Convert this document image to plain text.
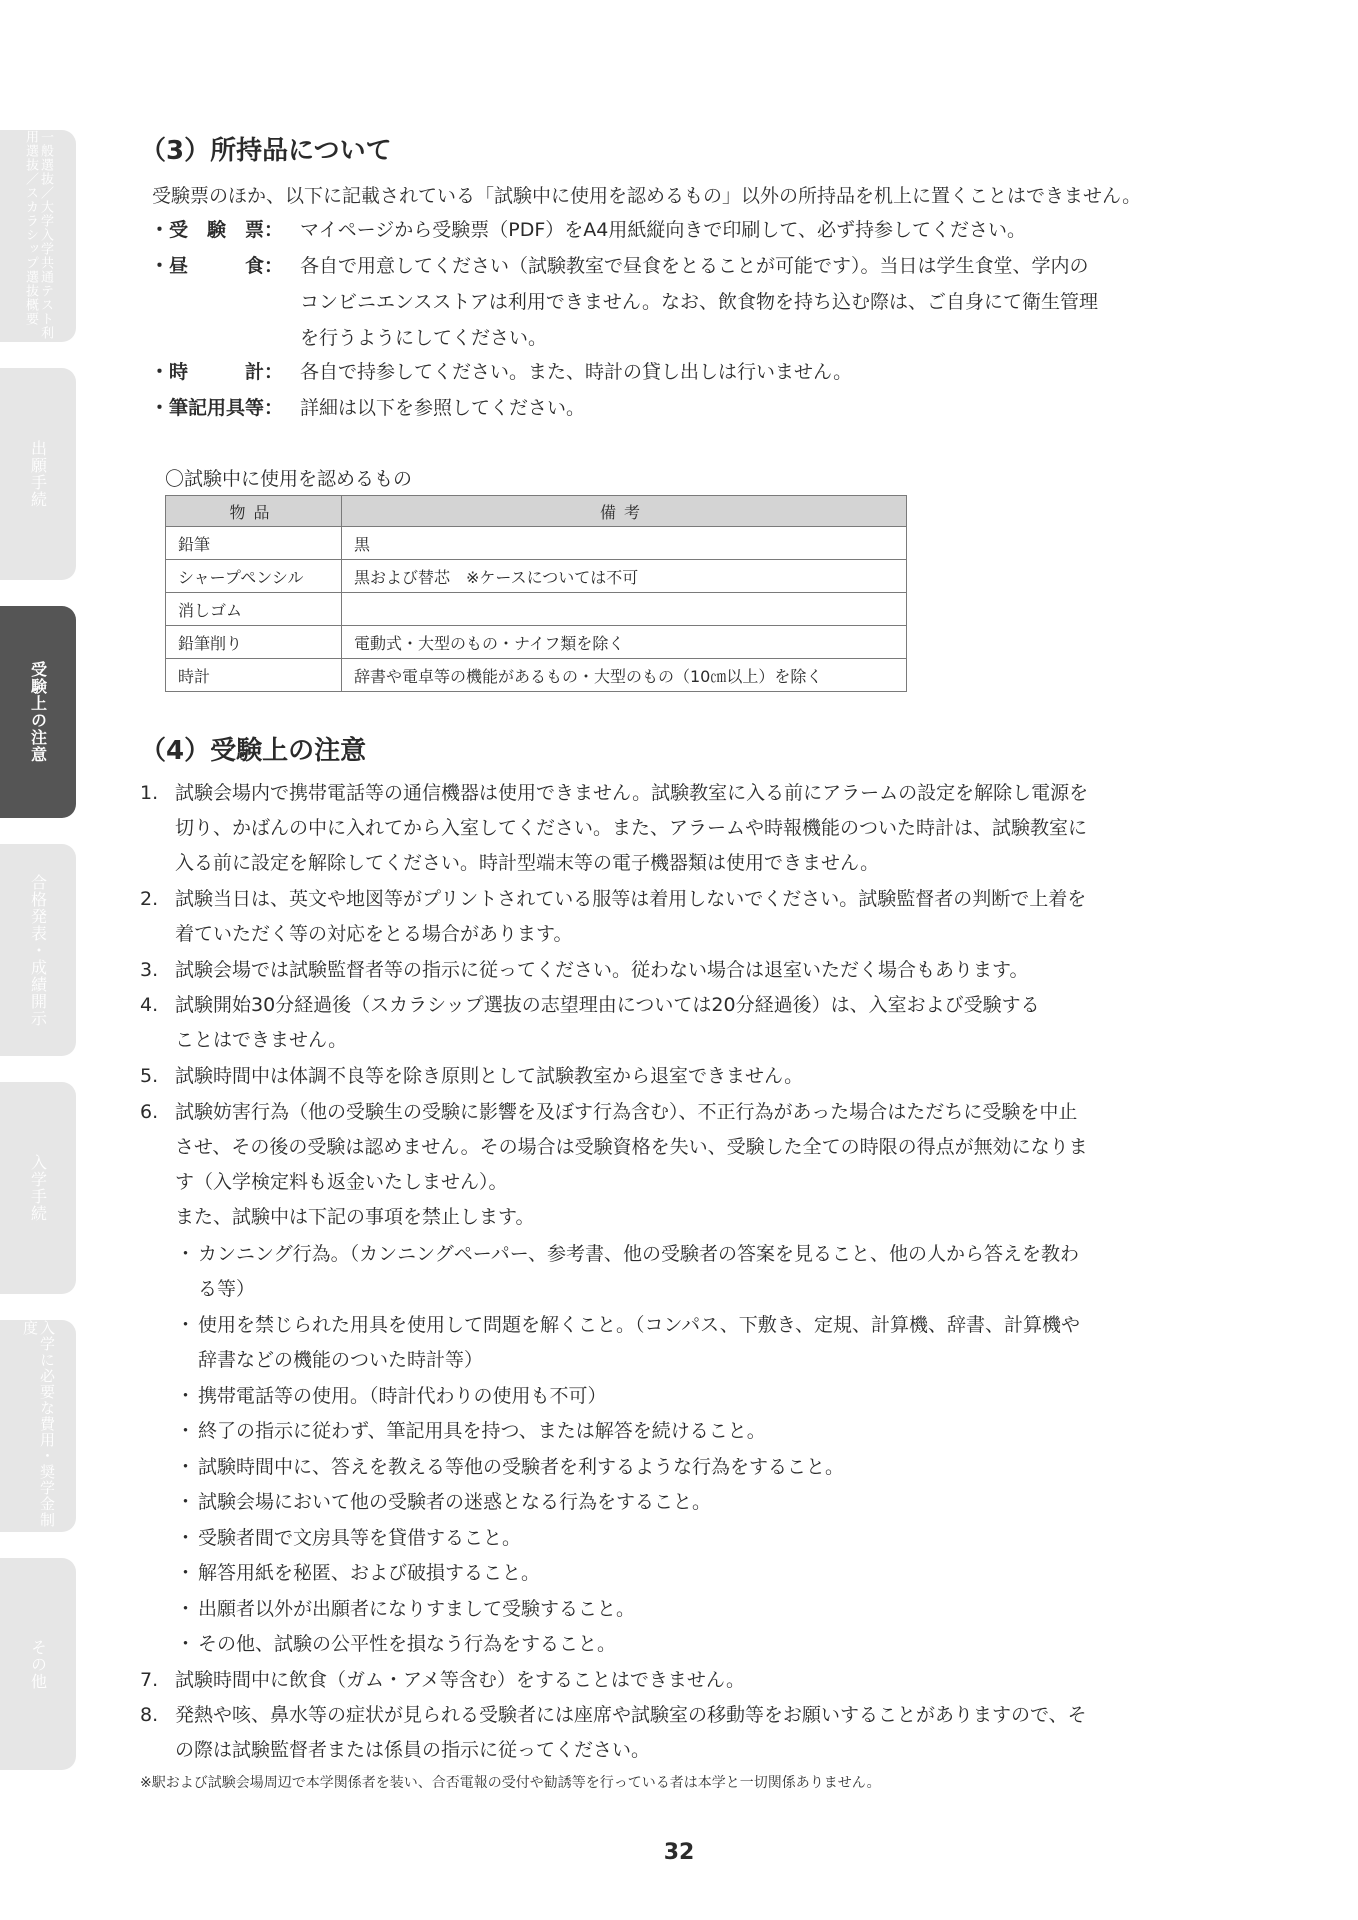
一般選抜／大学入学共通テスト利用選抜／スカラシップ選抜概要
出願手続
受験上の注意
合格発表・成績開示
入学手続
入学に必要な費用・奨学金制度
その他
（3）所持品について
受験票のほか、以下に記載されている「試験中に使用を認めるもの」以外の所持品を机上に置くことはできません。
・受　験　票： マイページから受験票（PDF）をA4用紙縦向きで印刷して、必ず持参してください。
・昼　　　食： 各自で用意してください（試験教室で昼食をとることが可能です）。当日は学生食堂、学内の
コンビニエンスストアは利用できません。なお、飲食物を持ち込む際は、ご自身にて衛生管理
を行うようにしてください。
・時　　　計： 各自で持参してください。また、時計の貸し出しは行いません。
・筆記用具等： 詳細は以下を参照してください。
〇試験中に使用を認めるもの
物品	備考
鉛筆	黒
シャープペンシル	黒および替芯　※ケースについては不可
消しゴム	
鉛筆削り	電動式・大型のもの・ナイフ類を除く
時計	辞書や電卓等の機能があるもの・大型のもの（10㎝以上）を除く
（4）受験上の注意
1. 試験会場内で携帯電話等の通信機器は使用できません。試験教室に入る前にアラームの設定を解除し電源を
切り、かばんの中に入れてから入室してください。また、アラームや時報機能のついた時計は、試験教室に
入る前に設定を解除してください。時計型端末等の電子機器類は使用できません。
2. 試験当日は、英文や地図等がプリントされている服等は着用しないでください。試験監督者の判断で上着を
着ていただく等の対応をとる場合があります。
3. 試験会場では試験監督者等の指示に従ってください。従わない場合は退室いただく場合もあります。
4. 試験開始30分経過後（スカラシップ選抜の志望理由については20分経過後）は、入室および受験する
ことはできません。
5. 試験時間中は体調不良等を除き原則として試験教室から退室できません。
6. 試験妨害行為（他の受験生の受験に影響を及ぼす行為含む）、不正行為があった場合はただちに受験を中止
させ、その後の受験は認めません。その場合は受験資格を失い、受験した全ての時限の得点が無効になりま
す（入学検定料も返金いたしません）。
また、試験中は下記の事項を禁止します。
・ カンニング行為。（カンニングペーパー、参考書、他の受験者の答案を見ること、他の人から答えを教わ
る等）
・ 使用を禁じられた用具を使用して問題を解くこと。（コンパス、下敷き、定規、計算機、辞書、計算機や
辞書などの機能のついた時計等）
・ 携帯電話等の使用。（時計代わりの使用も不可）
・ 終了の指示に従わず、筆記用具を持つ、または解答を続けること。
・ 試験時間中に、答えを教える等他の受験者を利するような行為をすること。
・ 試験会場において他の受験者の迷惑となる行為をすること。
・ 受験者間で文房具等を貸借すること。
・ 解答用紙を秘匿、および破損すること。
・ 出願者以外が出願者になりすまして受験すること。
・ その他、試験の公平性を損なう行為をすること。
7. 試験時間中に飲食（ガム・アメ等含む）をすることはできません。
8. 発熱や咳、鼻水等の症状が見られる受験者には座席や試験室の移動等をお願いすることがありますので、そ
の際は試験監督者または係員の指示に従ってください。
※駅および試験会場周辺で本学関係者を装い、合否電報の受付や勧誘等を行っている者は本学と一切関係ありません。
32
